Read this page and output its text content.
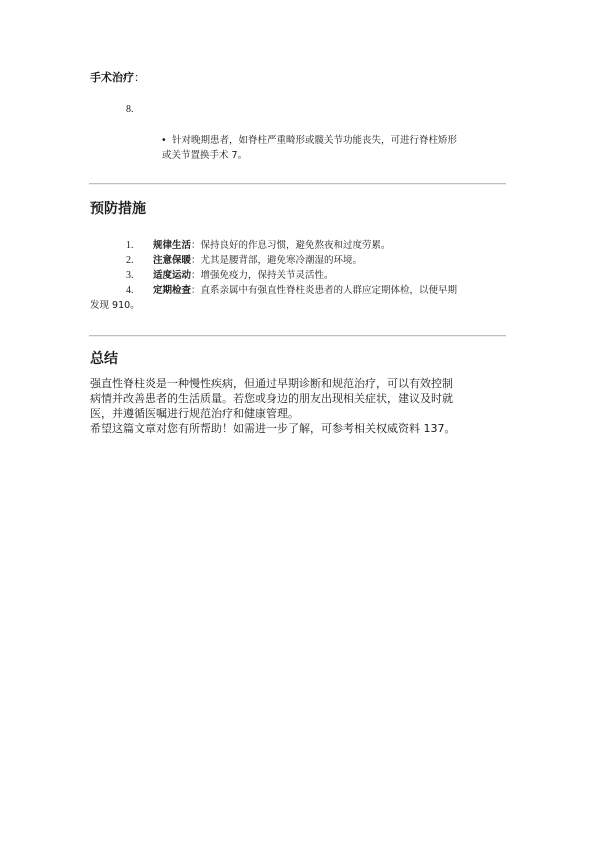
手术治疗：
8.
• 针对晚期患者，如脊柱严重畸形或髋关节功能丧失，可进行脊柱矫形
或关节置换手术 7。
预防措施
1. 规律生活：保持良好的作息习惯，避免熬夜和过度劳累。
2. 注意保暖：尤其是腰背部，避免寒冷潮湿的环境。
3. 适度运动：增强免疫力，保持关节灵活性。
4. 定期检查：直系亲属中有强直性脊柱炎患者的人群应定期体检，以便早期
发现 910。
总结

强直性脊柱炎是一种慢性疾病，但通过早期诊断和规范治疗，可以有效控制
病情并改善患者的生活质量。若您或身边的朋友出现相关症状，建议及时就
医，并遵循医嘱进行规范治疗和健康管理。

希望这篇文章对您有所帮助！如需进一步了解，可参考相关权威资料 137。
